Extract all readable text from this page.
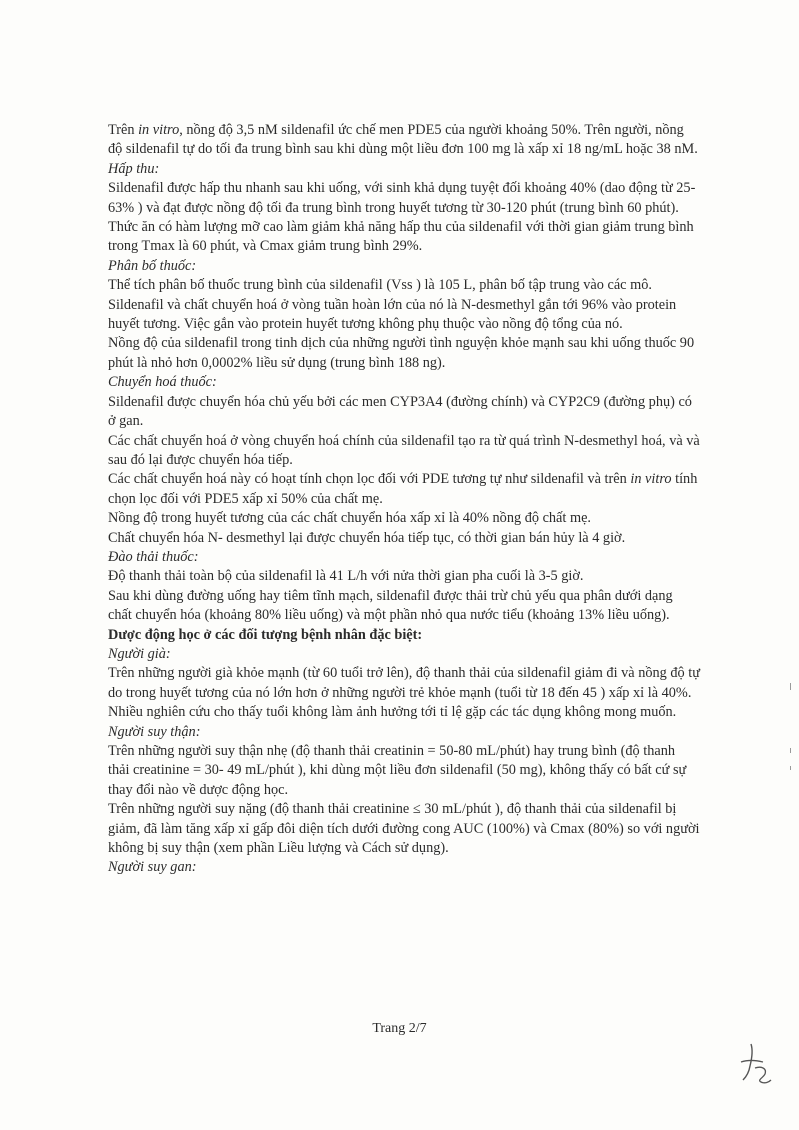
Trên in vitro, nồng độ 3,5 nM sildenafil ức chế men PDE5 của người khoảng 50%. Trên người, nồng độ sildenafil tự do tối đa trung bình sau khi dùng một liều đơn 100 mg là xấp xỉ 18 ng/mL hoặc 38 nM.

Hấp thu:

Sildenafil được hấp thu nhanh sau khi uống, với sinh khả dụng tuyệt đối khoảng 40% (dao động từ 25-63% ) và đạt được nồng độ tối đa trung bình trong huyết tương từ 30-120 phút (trung bình 60 phút).

Thức ăn có hàm lượng mỡ cao làm giảm khả năng hấp thu của sildenafil với thời gian giảm trung bình trong Tmax là 60 phút, và Cmax giảm trung bình 29%.

Phân bố thuốc:

Thể tích phân bố thuốc trung bình của sildenafil (Vss ) là 105 L, phân bố tập trung vào các mô.

Sildenafil và chất chuyển hoá ở vòng tuần hoàn lớn của nó là N-desmethyl gắn tới 96% vào protein huyết tương. Việc gắn vào protein huyết tương không phụ thuộc vào nồng độ tổng của nó.

Nồng độ của sildenafil trong tinh dịch của những người tình nguyện khỏe mạnh sau khi uống thuốc 90 phút là nhỏ hơn 0,0002% liều sử dụng (trung bình 188 ng).

Chuyển hoá thuốc:

Sildenafil được chuyển hóa chủ yếu bởi các men CYP3A4 (đường chính) và CYP2C9 (đường phụ) có ở gan.

Các chất chuyển hoá ở vòng chuyển hoá chính của sildenafil tạo ra từ quá trình N-desmethyl hoá, và và sau đó lại được chuyển hóa tiếp.

Các chất chuyển hoá này có hoạt tính chọn lọc đối với PDE tương tự như sildenafil và trên in vitro tính chọn lọc đối với PDE5 xấp xỉ 50% của chất mẹ.

Nồng độ trong huyết tương của các chất chuyển hóa xấp xỉ là 40% nồng độ chất mẹ.

Chất chuyển hóa N- desmethyl lại được chuyển hóa tiếp tục, có thời gian bán hủy là 4 giờ.

Đào thải thuốc:

Độ thanh thải toàn bộ của sildenafil là 41 L/h với nửa thời gian pha cuối là 3-5 giờ.

Sau khi dùng đường uống hay tiêm tĩnh mạch, sildenafil được thải trừ chủ yếu qua phân dưới dạng chất chuyển hóa (khoảng 80% liều uống) và một phần nhỏ qua nước tiểu (khoảng 13% liều uống).

Dược động học ở các đối tượng bệnh nhân đặc biệt:

Người già:

Trên những người già khỏe mạnh (từ 60 tuổi trở lên), độ thanh thải của sildenafil giảm đi và nồng độ tự do trong huyết tương của nó lớn hơn ở những người trẻ khỏe mạnh (tuổi từ 18 đến 45 ) xấp xỉ là 40%. Nhiều nghiên cứu cho thấy tuổi không làm ảnh hưởng tới tỉ lệ gặp các tác dụng không mong muốn.

Người suy thận:

Trên những người suy thận nhẹ (độ thanh thải creatinin = 50-80 mL/phút) hay trung bình (độ thanh thải creatinine = 30- 49 mL/phút ), khi dùng một liều đơn sildenafil (50 mg), không thấy có bất cứ sự thay đổi nào về dược động học.

Trên những người suy nặng (độ thanh thải creatinine ≤ 30 mL/phút ), độ thanh thải của sildenafil bị giảm, đã làm tăng xấp xỉ gấp đôi diện tích dưới đường cong AUC (100%) và Cmax (80%) so với người không bị suy thận (xem phần Liều lượng và Cách sử dụng).

Người suy gan:

Trang 2/7
